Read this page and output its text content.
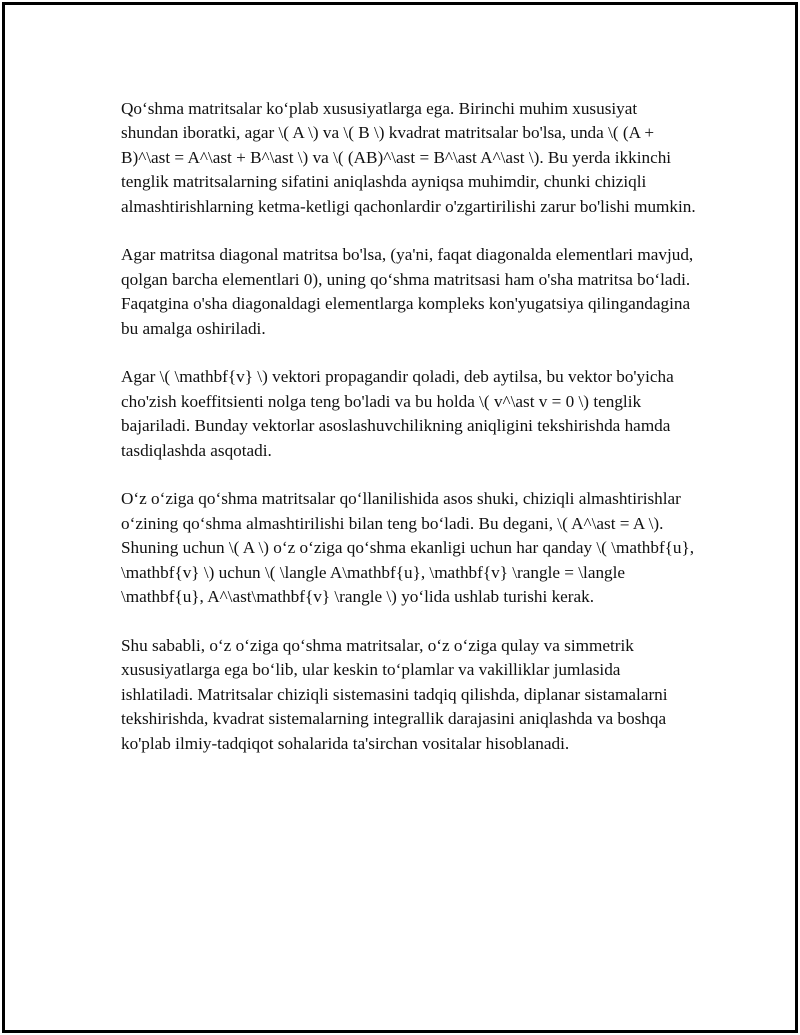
Qo‘shma matritsalar ko‘plab xususiyatlarga ega. Birinchi muhim xususiyat shundan iboratki, agar \( A \) va \( B \) kvadrat matritsalar bo'lsa, unda \( (A + B)^\ast = A^\ast + B^\ast \) va \( (AB)^\ast = B^\ast A^\ast \). Bu yerda ikkinchi tenglik matritsalarning sifatini aniqlashda ayniqsa muhimdir, chunki chiziqli almashtirishlarning ketma-ketligi qachonlardir o'zgartirilishi zarur bo'lishi mumkin.

Agar matritsa diagonal matritsa bo'lsa, (ya'ni, faqat diagonalda elementlari mavjud, qolgan barcha elementlari 0), uning qo‘shma matritsasi ham o'sha matritsa bo‘ladi. Faqatgina o'sha diagonaldagi elementlarga kompleks kon'yugatsiya qilingandagina bu amalga oshiriladi.

Agar \( \mathbf{v} \) vektori propagandir qoladi, deb aytilsa, bu vektor bo'yicha cho'zish koeffitsienti nolga teng bo'ladi va bu holda \( v^\ast v = 0 \) tenglik bajariladi. Bunday vektorlar asoslashuvchilikning aniqligini tekshirishda hamda tasdiqlashda asqotadi.

O‘z o‘ziga qo‘shma matritsalar qo‘llanilishida asos shuki, chiziqli almashtirishlar o‘zining qo‘shma almashtirilishi bilan teng bo‘ladi. Bu degani, \( A^\ast = A \). Shuning uchun \( A \) o‘z o‘ziga qo‘shma ekanligi uchun har qanday \( \mathbf{u}, \mathbf{v} \) uchun \( \langle A\mathbf{u}, \mathbf{v} \rangle = \langle \mathbf{u}, A^\ast\mathbf{v} \rangle \) yo‘lida ushlab turishi kerak.

Shu sababli, o‘z o‘ziga qo‘shma matritsalar, o‘z o‘ziga qulay va simmetrik xususiyatlarga ega bo‘lib, ular keskin to‘plamlar va vakilliklar jumlasida ishlatiladi. Matritsalar chiziqli sistemasini tadqiq qilishda, diplanar sistamalarni tekshirishda, kvadrat sistemalarning integrallik darajasini aniqlashda va boshqa ko'plab ilmiy-tadqiqot sohalarida ta'sirchan vositalar hisoblanadi.
